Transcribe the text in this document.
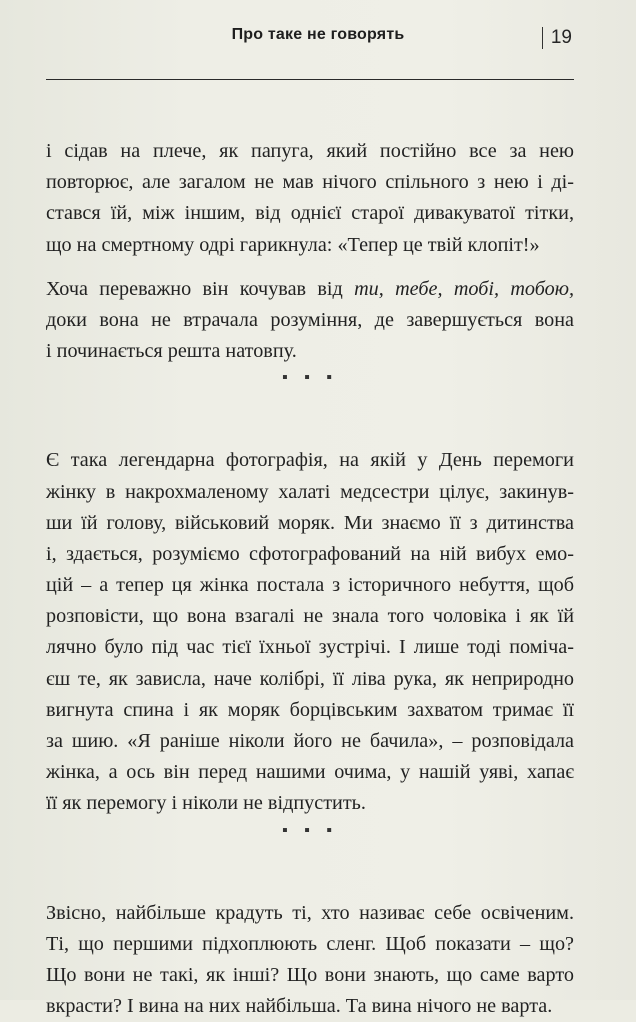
Про таке не говорять	19
і сідав на плече, як папуга, який постійно все за нею
повторює, але загалом не мав нічого спільного з нею і ді-
стався їй, між іншим, від однієї старої дивакуватої тітки,
що на смертному одрі гарикнула: «Тепер це твій клопіт!»
Хоча переважно він кочував від ти, тебе, тобі, тобою,
доки вона не втрачала розуміння, де завершується вона
і починається решта натовпу.
▪ ▪ ▪
Є така легендарна фотографія, на якій у День перемоги
жінку в накрохмаленому халаті медсестри цілує, закинув-
ши їй голову, військовий моряк. Ми знаємо її з дитинства
і, здається, розуміємо сфотографований на ній вибух емо-
цій – а тепер ця жінка постала з історичного небуття, щоб
розповісти, що вона взагалі не знала того чоловіка і як їй
лячно було під час тієї їхньої зустрічі. І лише тоді поміча-
єш те, як зависла, наче колібрі, її ліва рука, як неприродно
вигнута спина і як моряк борцівським захватом тримає її
за шию. «Я раніше ніколи його не бачила», – розповідала
жінка, а ось він перед нашими очима, у нашій уяві, хапає
її як перемогу і ніколи не відпустить.
▪ ▪ ▪
Звісно, найбільше крадуть ті, хто називає себе освіченим.
Ті, що першими підхоплюють сленг. Щоб показати – що?
Що вони не такі, як інші? Що вони знають, що саме варто
вкрасти? І вина на них найбільша. Та вина нічого не варта.
